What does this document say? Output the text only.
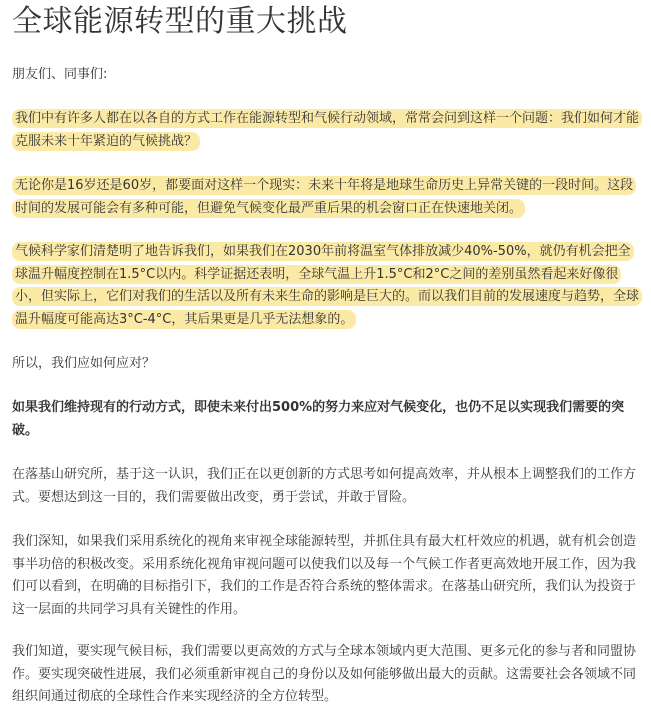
全球能源转型的重大挑战

朋友们、同事们:

我们中有许多人都在以各自的方式工作在能源转型和气候行动领域，常常会问到这样一个问题：我们如何才能克服未来十年紧迫的气候挑战？

无论你是16岁还是60岁，都要面对这样一个现实：未来十年将是地球生命历史上异常关键的一段时间。这段时间的发展可能会有多种可能，但避免气候变化最严重后果的机会窗口正在快速地关闭。

气候科学家们清楚明了地告诉我们，如果我们在2030年前将温室气体排放减少40%-50%，就仍有机会把全球温升幅度控制在1.5°C以内。科学证据还表明，全球气温上升1.5°C和2°C之间的差别虽然看起来好像很小，但实际上，它们对我们的生活以及所有未来生命的影响是巨大的。而以我们目前的发展速度与趋势，全球温升幅度可能高达3°C-4°C，其后果更是几乎无法想象的。

所以，我们应如何应对？

如果我们维持现有的行动方式，即使未来付出500%的努力来应对气候变化，也仍不足以实现我们需要的突破。

在落基山研究所，基于这一认识，我们正在以更创新的方式思考如何提高效率，并从根本上调整我们的工作方式。要想达到这一目的，我们需要做出改变，勇于尝试，并敢于冒险。

我们深知，如果我们采用系统化的视角来审视全球能源转型，并抓住具有最大杠杆效应的机遇，就有机会创造事半功倍的积极改变。采用系统化视角审视问题可以使我们以及每一个气候工作者更高效地开展工作，因为我们可以看到，在明确的目标指引下，我们的工作是否符合系统的整体需求。在落基山研究所，我们认为投资于这一层面的共同学习具有关键性的作用。

我们知道，要实现气候目标，我们需要以更高效的方式与全球本领域内更大范围、更多元化的参与者和同盟协作。要实现突破性进展，我们必须重新审视自己的身份以及如何能够做出最大的贡献。这需要社会各领域不同组织间通过彻底的全球性合作来实现经济的全方位转型。
